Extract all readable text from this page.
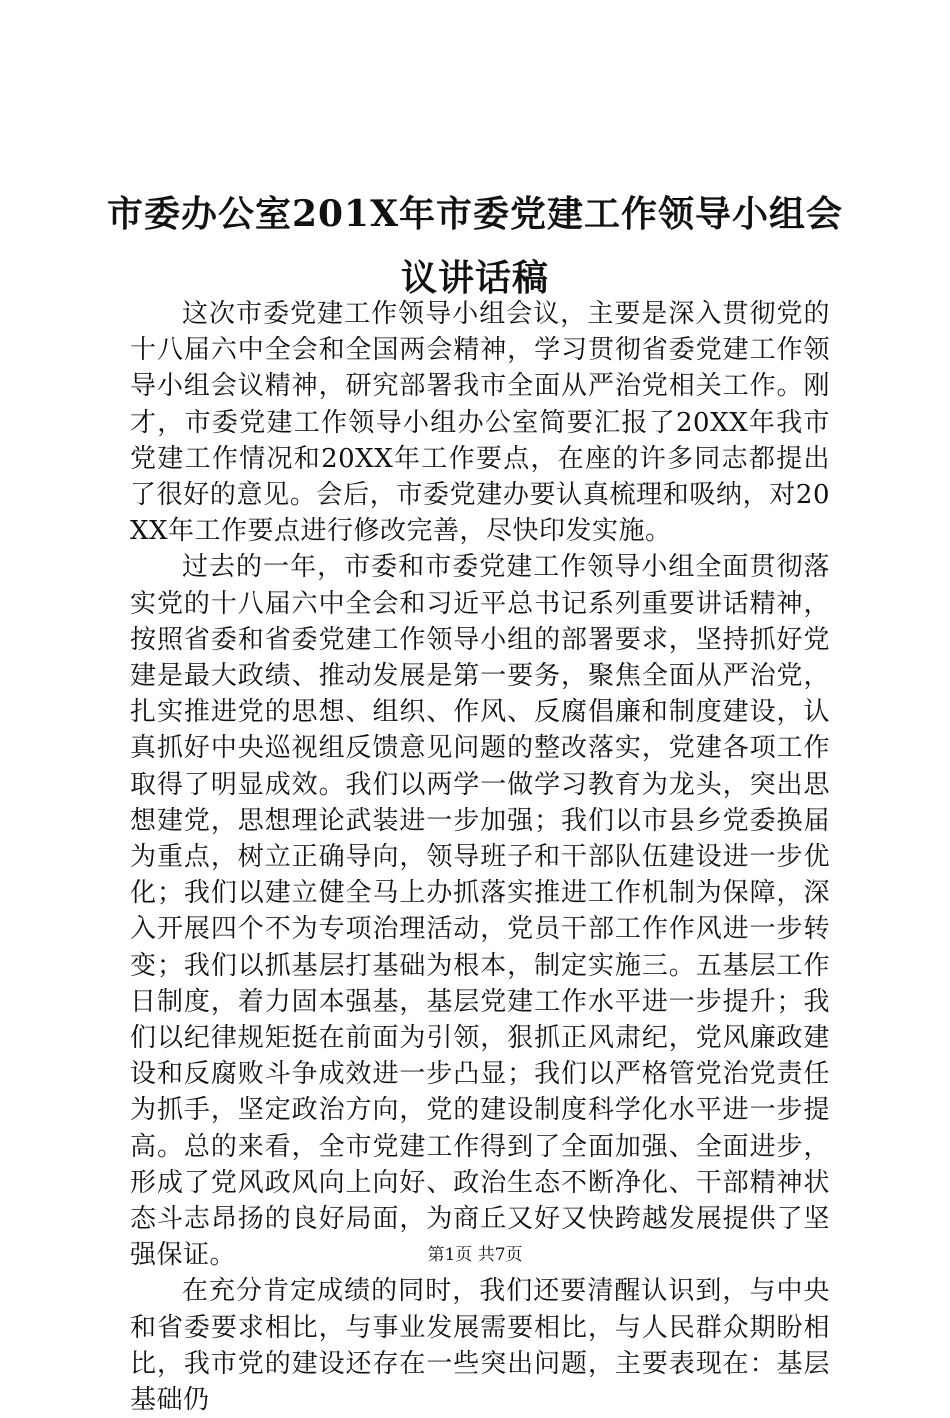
市委办公室201X年市委党建工作领导小组会议讲话稿

这次市委党建工作领导小组会议，主要是深入贯彻党的十八届六中全会和全国两会精神，学习贯彻省委党建工作领导小组会议精神，研究部署我市全面从严治党相关工作。刚才，市委党建工作领导小组办公室简要汇报了20XX年我市党建工作情况和20XX年工作要点，在座的许多同志都提出了很好的意见。会后，市委党建办要认真梳理和吸纳，对20XX年工作要点进行修改完善，尽快印发实施。

过去的一年，市委和市委党建工作领导小组全面贯彻落实党的十八届六中全会和习近平总书记系列重要讲话精神，按照省委和省委党建工作领导小组的部署要求，坚持抓好党建是最大政绩、推动发展是第一要务，聚焦全面从严治党，扎实推进党的思想、组织、作风、反腐倡廉和制度建设，认真抓好中央巡视组反馈意见问题的整改落实，党建各项工作取得了明显成效。我们以两学一做学习教育为龙头，突出思想建党，思想理论武装进一步加强；我们以市县乡党委换届为重点，树立正确导向，领导班子和干部队伍建设进一步优化；我们以建立健全马上办抓落实推进工作机制为保障，深入开展四个不为专项治理活动，党员干部工作作风进一步转变；我们以抓基层打基础为根本，制定实施三。五基层工作日制度，着力固本强基，基层党建工作水平进一步提升；我们以纪律规矩挺在前面为引领，狠抓正风肃纪，党风廉政建设和反腐败斗争成效进一步凸显；我们以严格管党治党责任为抓手，坚定政治方向，党的建设制度科学化水平进一步提高。总的来看，全市党建工作得到了全面加强、全面进步，形成了党风政风向上向好、政治生态不断净化、干部精神状态斗志昂扬的良好局面，为商丘又好又快跨越发展提供了坚强保证。

在充分肯定成绩的同时，我们还要清醒认识到，与中央和省委要求相比，与事业发展需要相比，与人民群众期盼相比，我市党的建设还存在一些突出问题，主要表现在：基层基础仍

第1页 共7页
